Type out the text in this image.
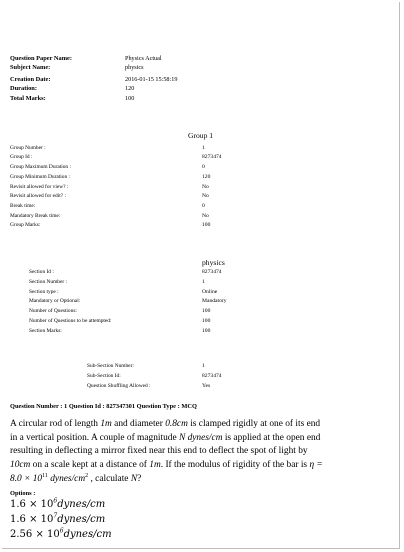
Question Paper Name:	Physics Actual
Subject Name:	physics
Creation Date:	2016-01-15 15:58:19
Duration:	120
Total Marks:	100
Group 1
Group Number :	1
Group Id :	8273474
Group Maximum Duration :	0
Group Minimum Duration :	120
Revisit allowed for view? :	No
Revisit allowed for edit? :	No
Break time:	0
Mandatory Break time:	No
Group Marks:	100
physics
Section Id :	8273474
Section Number :	1
Section type :	Online
Mandatory or Optional:	Mandatory
Number of Questions:	100
Number of Questions to be attempted:	100
Section Marks:	100
Sub-Section Number:	1
Sub-Section Id:	8273474
Question Shuffling Allowed :	Yes
Question Number : 1 Question Id : 827347301 Question Type : MCQ
A circular rod of length 1m and diameter 0.8cm is clamped rigidly at one of its end in a vertical position. A couple of magnitude N dynes/cm is applied at the open end resulting in deflecting a mirror fixed near this end to deflect the spot of light by 10cm on a scale kept at a distance of 1m. If the modulus of rigidity of the bar is $\eta = 8.0 \times 10^{11}$ dynes/$cm^2$ , calculate N?
Options :
$1.6 \times 10^6dynes/cm$
$1.6 \times 10^7dynes/cm$
$2.56 \times 10^6dynes/cm$
